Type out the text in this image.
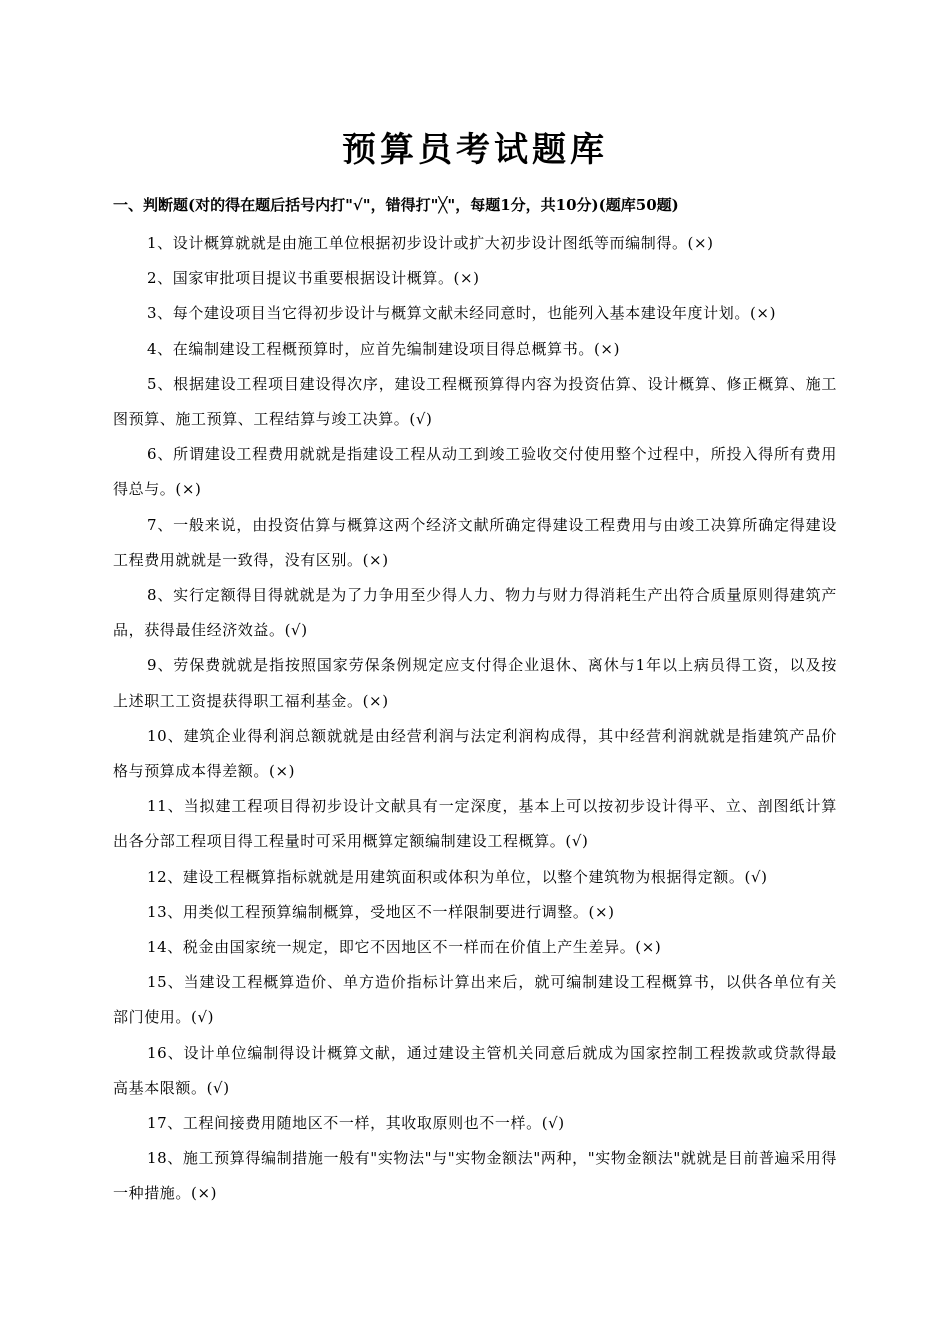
预算员考试题库
一、判断题(对的得在题后括号内打"√"，错得打"╳"，每题1分，共10分)(题库50题)

1、设计概算就就是由施工单位根据初步设计或扩大初步设计图纸等而编制得。(×)

2、国家审批项目提议书重要根据设计概算。(×)

3、每个建设项目当它得初步设计与概算文献未经同意时，也能列入基本建设年度计划。(×)

4、在编制建设工程概预算时，应首先编制建设项目得总概算书。(×)

5、根据建设工程项目建设得次序，建设工程概预算得内容为投资估算、设计概算、修正概算、施工图预算、施工预算、工程结算与竣工决算。(√)

6、所谓建设工程费用就就是指建设工程从动工到竣工验收交付使用整个过程中，所投入得所有费用得总与。(×)

7、一般来说，由投资估算与概算这两个经济文献所确定得建设工程费用与由竣工决算所确定得建设工程费用就就是一致得，没有区别。(×)

8、实行定额得目得就就是为了力争用至少得人力、物力与财力得消耗生产出符合质量原则得建筑产品，获得最佳经济效益。(√)

9、劳保费就就是指按照国家劳保条例规定应支付得企业退休、离休与1年以上病员得工资，以及按上述职工工资提获得职工福利基金。(×)

10、建筑企业得利润总额就就是由经营利润与法定利润构成得，其中经营利润就就是指建筑产品价格与预算成本得差额。(×)

11、当拟建工程项目得初步设计文献具有一定深度，基本上可以按初步设计得平、立、剖图纸计算出各分部工程项目得工程量时可采用概算定额编制建设工程概算。(√)

12、建设工程概算指标就就是用建筑面积或体积为单位，以整个建筑物为根据得定额。(√)

13、用类似工程预算编制概算，受地区不一样限制要进行调整。(×)

14、税金由国家统一规定，即它不因地区不一样而在价值上产生差异。(×)

15、当建设工程概算造价、单方造价指标计算出来后，就可编制建设工程概算书，以供各单位有关部门使用。(√)

16、设计单位编制得设计概算文献，通过建设主管机关同意后就成为国家控制工程拨款或贷款得最高基本限额。(√)

17、工程间接费用随地区不一样，其收取原则也不一样。(√)

18、施工预算得编制措施一般有"实物法"与"实物金额法"两种，"实物金额法"就就是目前普遍采用得一种措施。(×)
